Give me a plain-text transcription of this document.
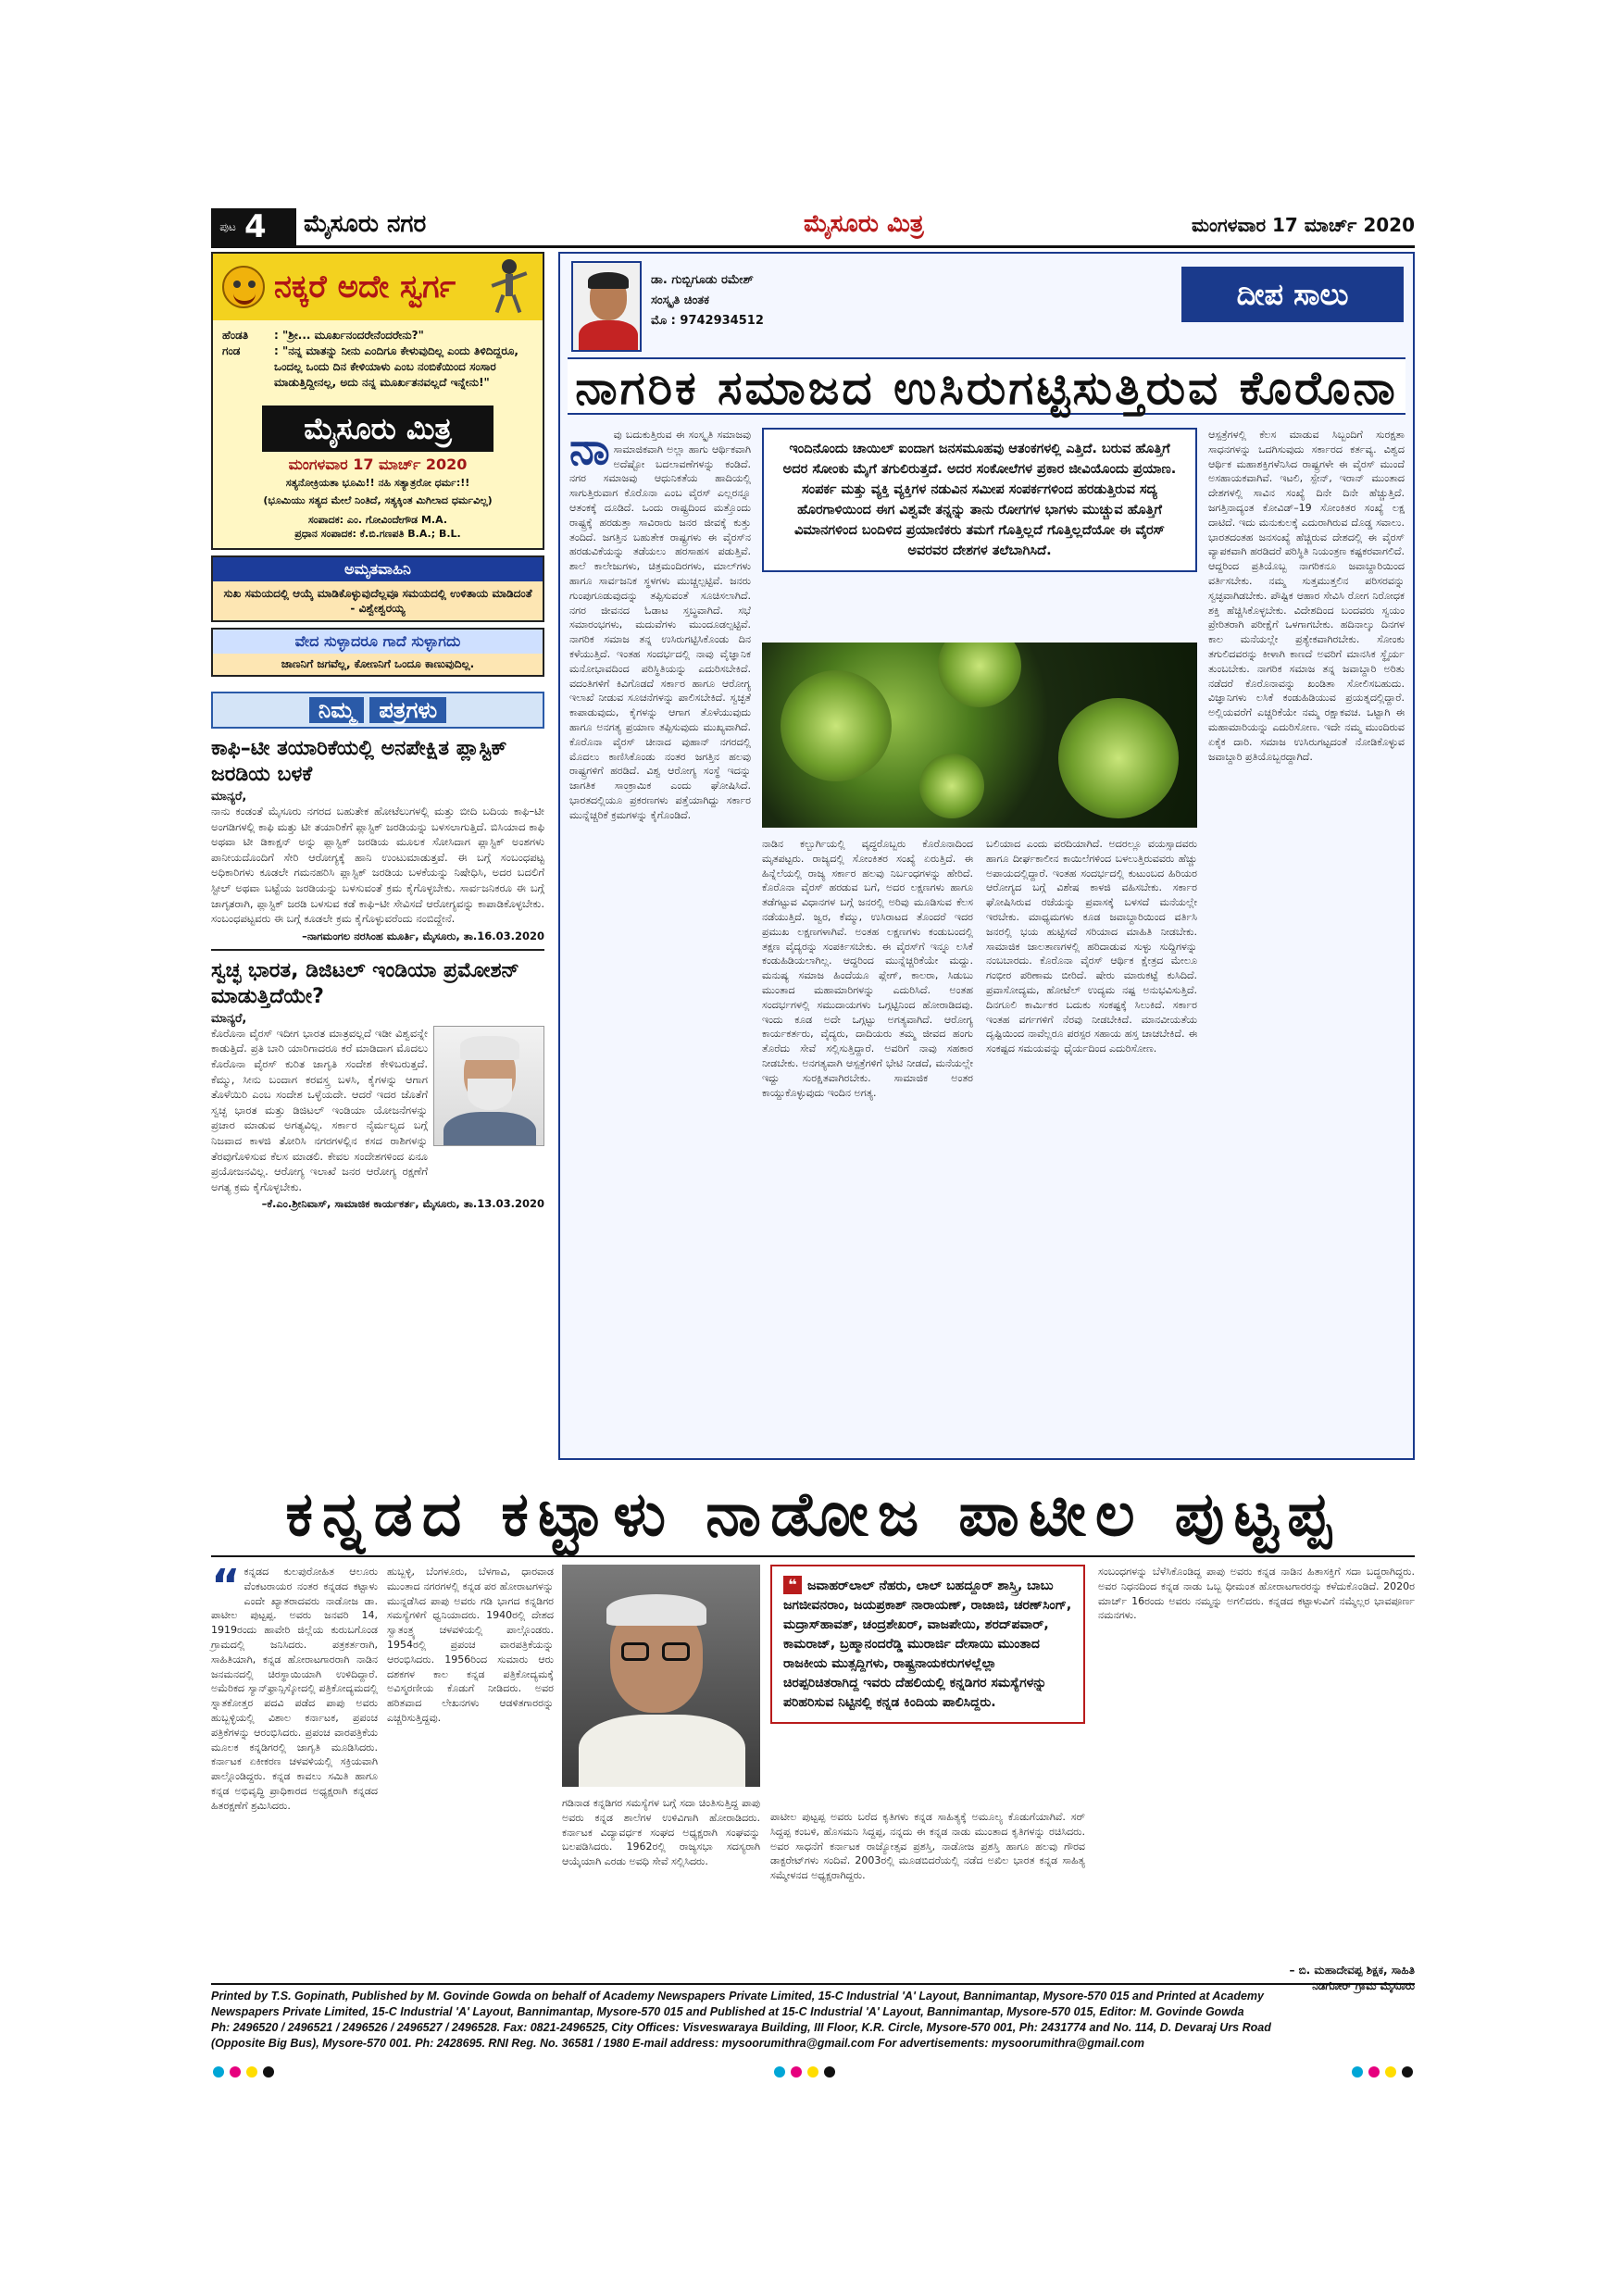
ಪುಟ 4 ಮೈಸೂರು ನಗರ	ಮೈಸೂರು ಮಿತ್ರ	ಮಂಗಳವಾರ 17 ಮಾರ್ಚ್ 2020
ನಕ್ಕರೆ ಅದೇ ಸ್ವರ್ಗ
ಹೆಂಡತಿ	: "ಶ್ರೀ... ಮೂರ್ಖನಂದರೇನೆಂದರೇನು?"
ಗಂಡ	: "ನನ್ನ ಮಾತನ್ನು ನೀನು ಎಂದಿಗೂ ಕೇಳುವುದಿಲ್ಲ ಎಂದು ತಿಳಿದಿದ್ದರೂ, ಒಂದಲ್ಲ ಒಂದು ದಿನ ಕೇಳಿಯಾಳು ಎಂಬ ನಂಬಿಕೆಯಿಂದ ಸಂಸಾರ ಮಾಡುತ್ತಿದ್ದೀನಲ್ಲ, ಅದು ನನ್ನ ಮೂರ್ಖತನವಲ್ಲದೆ ಇನ್ನೇನು!"
ಮೈಸೂರು ಮಿತ್ರ
ಮಂಗಳವಾರ 17 ಮಾರ್ಚ್ 2020
ಸತ್ಯನೋಕ್ರಿಯತಾ ಭೂಮಿ!! ನಹಿ ಸತ್ಯಾತ್ರರೋ ಧರ್ಮ:!!
(ಭೂಮಿಯು ಸತ್ಯದ ಮೇಲೆ ನಿಂತಿದೆ, ಸತ್ಯಕ್ಕಿಂತ ಮಿಗಿಲಾದ ಧರ್ಮವಿಲ್ಲ)
ಸಂಪಾದಕ: ಎಂ. ಗೋವಿಂದೇಗೌಡ M.A.
ಪ್ರಧಾನ ಸಂಪಾದಕ: ಕೆ.ಬಿ.ಗಣಪತಿ B.A.; B.L.
ಅಮೃತವಾಹಿನಿ
ಸುಖ ಸಮಯದಲ್ಲಿ ಆಯ್ಕೆ ಮಾಡಿಕೊಳ್ಳುವುದೆಲ್ಲವೂ ಸಮಯದಲ್ಲಿ ಉಳಿತಾಯ ಮಾಡಿದಂತೆ - ವಿಶ್ವೇಶ್ವರಯ್ಯ
ವೇದ ಸುಳ್ಳಾದರೂ ಗಾದೆ ಸುಳ್ಳಾಗದು
ಜಾಣನಿಗೆ ಜಗವೆಲ್ಲ, ಕೋಣನಿಗೆ ಒಂದೂ ಕಾಣುವುದಿಲ್ಲ.
ನಿಮ್ಮ	ಪತ್ರಗಳು
ಕಾಫಿ–ಟೀ ತಯಾರಿಕೆಯಲ್ಲಿ ಅನಪೇಕ್ಷಿತ ಪ್ಲಾಸ್ಟಿಕ್ ಜರಡಿಯ ಬಳಕೆ
ಮಾನ್ಯರೆ,
ನಾನು ಕಂಡಂತೆ ಮೈಸೂರು ನಗರದ ಬಹುತೇಕ ಹೋಟೆಲುಗಳಲ್ಲಿ ಮತ್ತು ಬೀದಿ ಬದಿಯ ಕಾಫಿ–ಟೀ ಅಂಗಡಿಗಳಲ್ಲಿ ಕಾಫಿ ಮತ್ತು ಟೀ ತಯಾರಿಕೆಗೆ ಪ್ಲಾಸ್ಟಿಕ್ ಜರಡಿಯನ್ನು ಬಳಸಲಾಗುತ್ತಿದೆ. ಬಿಸಿಯಾದ ಕಾಫಿ ಅಥವಾ ಟೀ ಡಿಕಾಕ್ಷನ್ ಅನ್ನು ಪ್ಲಾಸ್ಟಿಕ್ ಜರಡಿಯ ಮೂಲಕ ಸೋಸಿದಾಗ ಪ್ಲಾಸ್ಟಿಕ್ ಅಂಶಗಳು ಪಾನೀಯದೊಂದಿಗೆ ಸೇರಿ ಆರೋಗ್ಯಕ್ಕೆ ಹಾನಿ ಉಂಟುಮಾಡುತ್ತವೆ. ಈ ಬಗ್ಗೆ ಸಂಬಂಧಪಟ್ಟ ಅಧಿಕಾರಿಗಳು ಕೂಡಲೇ ಗಮನಹರಿಸಿ ಪ್ಲಾಸ್ಟಿಕ್ ಜರಡಿಯ ಬಳಕೆಯನ್ನು ನಿಷೇಧಿಸಿ, ಅದರ ಬದಲಿಗೆ ಸ್ಟೀಲ್ ಅಥವಾ ಬಟ್ಟೆಯ ಜರಡಿಯನ್ನು ಬಳಸುವಂತೆ ಕ್ರಮ ಕೈಗೊಳ್ಳಬೇಕು. ಸಾರ್ವಜನಿಕರೂ ಈ ಬಗ್ಗೆ ಜಾಗೃತರಾಗಿ, ಪ್ಲಾಸ್ಟಿಕ್ ಜರಡಿ ಬಳಸುವ ಕಡೆ ಕಾಫಿ–ಟೀ ಸೇವಿಸದೆ ಆರೋಗ್ಯವನ್ನು ಕಾಪಾಡಿಕೊಳ್ಳಬೇಕು. ಸಂಬಂಧಪಟ್ಟವರು ಈ ಬಗ್ಗೆ ಕೂಡಲೇ ಕ್ರಮ ಕೈಗೊಳ್ಳುವರೆಂದು ನಂಬಿದ್ದೇನೆ.
–ನಾಗಮಂಗಲ ನರಸಿಂಹ ಮೂರ್ತಿ, ಮೈಸೂರು, ತಾ.16.03.2020
ಸ್ವಚ್ಛ ಭಾರತ, ಡಿಜಿಟಲ್ ಇಂಡಿಯಾ ಪ್ರಮೋಶನ್ ಮಾಡುತ್ತಿದೆಯೇ?
ಮಾನ್ಯರೆ,
ಕೊರೊನಾ ವೈರಸ್ ಇದೀಗ ಭಾರತ ಮಾತ್ರವಲ್ಲದೆ ಇಡೀ ವಿಶ್ವವನ್ನೇ ಕಾಡುತ್ತಿದೆ. ಪ್ರತಿ ಬಾರಿ ಯಾರಿಗಾದರೂ ಕರೆ ಮಾಡಿದಾಗ ಮೊದಲು ಕೊರೊನಾ ವೈರಸ್ ಕುರಿತ ಜಾಗೃತಿ ಸಂದೇಶ ಕೇಳಿಬರುತ್ತದೆ. ಕೆಮ್ಮು, ಸೀನು ಬಂದಾಗ ಕರವಸ್ತ್ರ ಬಳಸಿ, ಕೈಗಳನ್ನು ಆಗಾಗ ತೊಳೆಯಿರಿ ಎಂಬ ಸಂದೇಶ ಒಳ್ಳೆಯದೇ. ಆದರೆ ಇದರ ಜೊತೆಗೆ ಸ್ವಚ್ಛ ಭಾರತ ಮತ್ತು ಡಿಜಿಟಲ್ ಇಂಡಿಯಾ ಯೋಜನೆಗಳನ್ನು ಪ್ರಚಾರ ಮಾಡುವ ಅಗತ್ಯವಿಲ್ಲ. ಸರ್ಕಾರ ನೈರ್ಮಲ್ಯದ ಬಗ್ಗೆ ನಿಜವಾದ ಕಾಳಜಿ ತೋರಿಸಿ ನಗರಗಳಲ್ಲಿನ ಕಸದ ರಾಶಿಗಳನ್ನು ತೆರವುಗೊಳಿಸುವ ಕೆಲಸ ಮಾಡಲಿ. ಕೇವಲ ಸಂದೇಶಗಳಿಂದ ಏನೂ ಪ್ರಯೋಜನವಿಲ್ಲ. ಆರೋಗ್ಯ ಇಲಾಖೆ ಜನರ ಆರೋಗ್ಯ ರಕ್ಷಣೆಗೆ ಅಗತ್ಯ ಕ್ರಮ ಕೈಗೊಳ್ಳಬೇಕು.
–ಕೆ.ಎಂ.ಶ್ರೀನಿವಾಸ್, ಸಾಮಾಜಿಕ ಕಾರ್ಯಕರ್ತ, ಮೈಸೂರು, ತಾ.13.03.2020
ಡಾ. ಗುಬ್ಬಿಗೂಡು ರಮೇಶ್
ಸಂಸ್ಕೃತಿ ಚಿಂತಕ
ಮೊ : 9742934512
ದೀಪ ಸಾಲು
ನಾಗರಿಕ ಸಮಾಜದ ಉಸಿರುಗಟ್ಟಿಸುತ್ತಿರುವ ಕೊರೊನಾ
ನಾ ವು ಬದುಕುತ್ತಿರುವ ಈ ಸಂಸ್ಕೃತಿ ಸಮಾಜವು ಸಾಮಾಜಿಕವಾಗಿ ಅಲ್ಲಾ ಹಾಗು ಆರ್ಥಿಕವಾಗಿ ಅದೆಷ್ಟೋ ಬದಲಾವಣೆಗಳನ್ನು ಕಂಡಿದೆ. ನಗರ ಸಮಾಜವು ಆಧುನಿಕತೆಯ ಹಾದಿಯಲ್ಲಿ ಸಾಗುತ್ತಿರುವಾಗ ಕೊರೊನಾ ಎಂಬ ವೈರಸ್ ಎಲ್ಲರನ್ನೂ ಆತಂಕಕ್ಕೆ ದೂಡಿದೆ. ಒಂದು ರಾಷ್ಟ್ರದಿಂದ ಮತ್ತೊಂದು ರಾಷ್ಟ್ರಕ್ಕೆ ಹರಡುತ್ತಾ ಸಾವಿರಾರು ಜನರ ಜೀವಕ್ಕೆ ಕುತ್ತು ತಂದಿದೆ. ಜಗತ್ತಿನ ಬಹುತೇಕ ರಾಷ್ಟ್ರಗಳು ಈ ವೈರಸ್‌ನ ಹರಡುವಿಕೆಯನ್ನು ತಡೆಯಲು ಹರಸಾಹಸ ಪಡುತ್ತಿವೆ. ಶಾಲೆ ಕಾಲೇಜುಗಳು, ಚಿತ್ರಮಂದಿರಗಳು, ಮಾಲ್‌ಗಳು ಹಾಗೂ ಸಾರ್ವಜನಿಕ ಸ್ಥಳಗಳು ಮುಚ್ಚಲ್ಪಟ್ಟಿವೆ. ಜನರು ಗುಂಪುಗೂಡುವುದನ್ನು ತಪ್ಪಿಸುವಂತೆ ಸೂಚಿಸಲಾಗಿದೆ. ನಗರ ಜೀವನದ ಓಡಾಟ ಸ್ತಬ್ಧವಾಗಿದೆ. ಸಭೆ ಸಮಾರಂಭಗಳು, ಮದುವೆಗಳು ಮುಂದೂಡಲ್ಪಟ್ಟಿವೆ. ನಾಗರಿಕ ಸಮಾಜ ತನ್ನ ಉಸಿರುಗಟ್ಟಿಸಿಕೊಂಡು ದಿನ ಕಳೆಯುತ್ತಿದೆ. ಇಂತಹ ಸಂದರ್ಭದಲ್ಲಿ ನಾವು ವೈಜ್ಞಾನಿಕ ಮನೋಭಾವದಿಂದ ಪರಿಸ್ಥಿತಿಯನ್ನು ಎದುರಿಸಬೇಕಿದೆ. ವದಂತಿಗಳಿಗೆ ಕಿವಿಗೊಡದೆ ಸರ್ಕಾರ ಹಾಗೂ ಆರೋಗ್ಯ ಇಲಾಖೆ ನೀಡುವ ಸೂಚನೆಗಳನ್ನು ಪಾಲಿಸಬೇಕಿದೆ. ಸ್ವಚ್ಛತೆ ಕಾಪಾಡುವುದು, ಕೈಗಳನ್ನು ಆಗಾಗ ತೊಳೆಯುವುದು ಹಾಗೂ ಅನಗತ್ಯ ಪ್ರಯಾಣ ತಪ್ಪಿಸುವುದು ಮುಖ್ಯವಾಗಿದೆ. ಕೊರೊನಾ ವೈರಸ್ ಚೀನಾದ ವುಹಾನ್ ನಗರದಲ್ಲಿ ಮೊದಲು ಕಾಣಿಸಿಕೊಂಡು ನಂತರ ಜಗತ್ತಿನ ಹಲವು ರಾಷ್ಟ್ರಗಳಿಗೆ ಹರಡಿದೆ. ವಿಶ್ವ ಆರೋಗ್ಯ ಸಂಸ್ಥೆ ಇದನ್ನು ಜಾಗತಿಕ ಸಾಂಕ್ರಾಮಿಕ ಎಂದು ಘೋಷಿಸಿದೆ. ಭಾರತದಲ್ಲಿಯೂ ಪ್ರಕರಣಗಳು ಪತ್ತೆಯಾಗಿದ್ದು ಸರ್ಕಾರ ಮುನ್ನೆಚ್ಚರಿಕೆ ಕ್ರಮಗಳನ್ನು ಕೈಗೊಂಡಿದೆ.
ಇಂದಿನೊಂದು ಚಾಯಿಲ್ ಐಂದಾಗ ಜನಸಮೂಹವು ಆತಂಕಗಳಲ್ಲಿ ಎತ್ತಿದೆ. ಬರುವ ಹೊತ್ತಿಗೆ ಅದರ ಸೋಂಕು ಮೈಗೆ ತಗುಲಿರುತ್ತದೆ. ಅದರ ಸಂಕೋಲೆಗಳ ಪ್ರಕಾರ ಜೀವಿಯೊಂದು ಪ್ರಯಾಣ. ಸಂಪರ್ಕ ಮತ್ತು ವ್ಯಕ್ತಿ ವ್ಯಕ್ತಿಗಳ ನಡುವಿನ ಸಮೀಪ ಸಂಪರ್ಕಗಳಿಂದ ಹರಡುತ್ತಿರುವ ಸದ್ಯ ಹೊರಗಾಳಿಯಿಂದ ಈಗ ವಿಶ್ವವೇ ತನ್ನನ್ನು ತಾನು ರೋಗಗಳ ಭಾಗಳು ಮುಚ್ಚುವ ಹೊತ್ತಿಗೆ ವಿಮಾನಗಳಿಂದ ಬಂದಿಳಿದ ಪ್ರಯಾಣಿಕರು ತಮಗೆ ಗೊತ್ತಿಲ್ಲದೆ ಗೊತ್ತಿಲ್ಲದೆಯೋ ಈ ವೈರಸ್ ಅವರವರ ದೇಶಗಳ ತಲೆಬಾಗಿಸಿದೆ.
ನಾಡಿನ ಕಲ್ಬುರ್ಗಿಯಲ್ಲಿ ವೃದ್ಧರೊಬ್ಬರು ಕೊರೊನಾದಿಂದ ಮೃತಪಟ್ಟರು. ರಾಜ್ಯದಲ್ಲಿ ಸೋಂಕಿತರ ಸಂಖ್ಯೆ ಏರುತ್ತಿದೆ. ಈ ಹಿನ್ನೆಲೆಯಲ್ಲಿ ರಾಜ್ಯ ಸರ್ಕಾರ ಹಲವು ನಿರ್ಬಂಧಗಳನ್ನು ಹೇರಿದೆ. ಕೊರೊನಾ ವೈರಸ್ ಹರಡುವ ಬಗೆ, ಅದರ ಲಕ್ಷಣಗಳು ಹಾಗೂ ತಡೆಗಟ್ಟುವ ವಿಧಾನಗಳ ಬಗ್ಗೆ ಜನರಲ್ಲಿ ಅರಿವು ಮೂಡಿಸುವ ಕೆಲಸ ನಡೆಯುತ್ತಿದೆ. ಜ್ವರ, ಕೆಮ್ಮು, ಉಸಿರಾಟದ ತೊಂದರೆ ಇದರ ಪ್ರಮುಖ ಲಕ್ಷಣಗಳಾಗಿವೆ. ಅಂತಹ ಲಕ್ಷಣಗಳು ಕಂಡುಬಂದಲ್ಲಿ ತಕ್ಷಣ ವೈದ್ಯರನ್ನು ಸಂಪರ್ಕಿಸಬೇಕು. ಈ ವೈರಸ್‌ಗೆ ಇನ್ನೂ ಲಸಿಕೆ ಕಂಡುಹಿಡಿಯಲಾಗಿಲ್ಲ. ಆದ್ದರಿಂದ ಮುನ್ನೆಚ್ಚರಿಕೆಯೇ ಮದ್ದು. ಮನುಷ್ಯ ಸಮಾಜ ಹಿಂದೆಯೂ ಪ್ಲೇಗ್, ಕಾಲರಾ, ಸಿಡುಬು ಮುಂತಾದ ಮಹಾಮಾರಿಗಳನ್ನು ಎದುರಿಸಿದೆ. ಅಂತಹ ಸಂದರ್ಭಗಳಲ್ಲಿ ಸಮುದಾಯಗಳು ಒಗ್ಗಟ್ಟಿನಿಂದ ಹೋರಾಡಿದವು. ಇಂದು ಕೂಡ ಅದೇ ಒಗ್ಗಟ್ಟು ಅಗತ್ಯವಾಗಿದೆ. ಆರೋಗ್ಯ ಕಾರ್ಯಕರ್ತರು, ವೈದ್ಯರು, ದಾದಿಯರು ತಮ್ಮ ಜೀವದ ಹಂಗು ತೊರೆದು ಸೇವೆ ಸಲ್ಲಿಸುತ್ತಿದ್ದಾರೆ. ಅವರಿಗೆ ನಾವು ಸಹಕಾರ ನೀಡಬೇಕು. ಅನಗತ್ಯವಾಗಿ ಆಸ್ಪತ್ರೆಗಳಿಗೆ ಭೇಟಿ ನೀಡದೆ, ಮನೆಯಲ್ಲೇ ಇದ್ದು ಸುರಕ್ಷಿತವಾಗಿರಬೇಕು. ಸಾಮಾಜಿಕ ಅಂತರ ಕಾಯ್ದುಕೊಳ್ಳುವುದು ಇಂದಿನ ಅಗತ್ಯ.
ಬಲಿಯಾದ ಎಂದು ವರದಿಯಾಗಿದೆ. ಅದರಲ್ಲೂ ವಯಸ್ಸಾದವರು ಹಾಗೂ ದೀರ್ಘಕಾಲೀನ ಕಾಯಿಲೆಗಳಿಂದ ಬಳಲುತ್ತಿರುವವರು ಹೆಚ್ಚು ಅಪಾಯದಲ್ಲಿದ್ದಾರೆ. ಇಂತಹ ಸಂದರ್ಭದಲ್ಲಿ ಕುಟುಂಬದ ಹಿರಿಯರ ಆರೋಗ್ಯದ ಬಗ್ಗೆ ವಿಶೇಷ ಕಾಳಜಿ ವಹಿಸಬೇಕು. ಸರ್ಕಾರ ಘೋಷಿಸಿರುವ ರಜೆಯನ್ನು ಪ್ರವಾಸಕ್ಕೆ ಬಳಸದೆ ಮನೆಯಲ್ಲೇ ಇರಬೇಕು. ಮಾಧ್ಯಮಗಳು ಕೂಡ ಜವಾಬ್ದಾರಿಯಿಂದ ವರ್ತಿಸಿ ಜನರಲ್ಲಿ ಭಯ ಹುಟ್ಟಿಸದೆ ಸರಿಯಾದ ಮಾಹಿತಿ ನೀಡಬೇಕು. ಸಾಮಾಜಿಕ ಜಾಲತಾಣಗಳಲ್ಲಿ ಹರಿದಾಡುವ ಸುಳ್ಳು ಸುದ್ದಿಗಳನ್ನು ನಂಬಬಾರದು. ಕೊರೊನಾ ವೈರಸ್ ಆರ್ಥಿಕ ಕ್ಷೇತ್ರದ ಮೇಲೂ ಗಂಭೀರ ಪರಿಣಾಮ ಬೀರಿದೆ. ಷೇರು ಮಾರುಕಟ್ಟೆ ಕುಸಿದಿದೆ. ಪ್ರವಾಸೋದ್ಯಮ, ಹೋಟೆಲ್ ಉದ್ಯಮ ನಷ್ಟ ಅನುಭವಿಸುತ್ತಿದೆ. ದಿನಗೂಲಿ ಕಾರ್ಮಿಕರ ಬದುಕು ಸಂಕಷ್ಟಕ್ಕೆ ಸಿಲುಕಿದೆ. ಸರ್ಕಾರ ಇಂತಹ ವರ್ಗಗಳಿಗೆ ನೆರವು ನೀಡಬೇಕಿದೆ. ಮಾನವೀಯತೆಯ ದೃಷ್ಟಿಯಿಂದ ನಾವೆಲ್ಲರೂ ಪರಸ್ಪರ ಸಹಾಯ ಹಸ್ತ ಚಾಚಬೇಕಿದೆ. ಈ ಸಂಕಷ್ಟದ ಸಮಯವನ್ನು ಧೈರ್ಯದಿಂದ ಎದುರಿಸೋಣ.
ಆಸ್ಪತ್ರೆಗಳಲ್ಲಿ ಕೆಲಸ ಮಾಡುವ ಸಿಬ್ಬಂದಿಗೆ ಸುರಕ್ಷತಾ ಸಾಧನಗಳನ್ನು ಒದಗಿಸುವುದು ಸರ್ಕಾರದ ಕರ್ತವ್ಯ. ವಿಶ್ವದ ಆರ್ಥಿಕ ಮಹಾಶಕ್ತಿಗಳೆನಿಸಿದ ರಾಷ್ಟ್ರಗಳೇ ಈ ವೈರಸ್ ಮುಂದೆ ಅಸಹಾಯಕವಾಗಿವೆ. ಇಟಲಿ, ಸ್ಪೇನ್, ಇರಾನ್ ಮುಂತಾದ ದೇಶಗಳಲ್ಲಿ ಸಾವಿನ ಸಂಖ್ಯೆ ದಿನೇ ದಿನೇ ಹೆಚ್ಚುತ್ತಿದೆ. ಜಗತ್ತಿನಾದ್ಯಂತ ಕೋವಿಡ್–19 ಸೋಂಕಿತರ ಸಂಖ್ಯೆ ಲಕ್ಷ ದಾಟಿದೆ. ಇದು ಮನುಕುಲಕ್ಕೆ ಎದುರಾಗಿರುವ ದೊಡ್ಡ ಸವಾಲು. ಭಾರತದಂತಹ ಜನಸಂಖ್ಯೆ ಹೆಚ್ಚಿರುವ ದೇಶದಲ್ಲಿ ಈ ವೈರಸ್ ವ್ಯಾಪಕವಾಗಿ ಹರಡಿದರೆ ಪರಿಸ್ಥಿತಿ ನಿಯಂತ್ರಣ ಕಷ್ಟಕರವಾಗಲಿದೆ. ಆದ್ದರಿಂದ ಪ್ರತಿಯೊಬ್ಬ ನಾಗರಿಕನೂ ಜವಾಬ್ದಾರಿಯಿಂದ ವರ್ತಿಸಬೇಕು. ನಮ್ಮ ಸುತ್ತಮುತ್ತಲಿನ ಪರಿಸರವನ್ನು ಸ್ವಚ್ಛವಾಗಿಡಬೇಕು. ಪೌಷ್ಟಿಕ ಆಹಾರ ಸೇವಿಸಿ ರೋಗ ನಿರೋಧಕ ಶಕ್ತಿ ಹೆಚ್ಚಿಸಿಕೊಳ್ಳಬೇಕು. ವಿದೇಶದಿಂದ ಬಂದವರು ಸ್ವಯಂ ಪ್ರೇರಿತರಾಗಿ ಪರೀಕ್ಷೆಗೆ ಒಳಗಾಗಬೇಕು. ಹದಿನಾಲ್ಕು ದಿನಗಳ ಕಾಲ ಮನೆಯಲ್ಲೇ ಪ್ರತ್ಯೇಕವಾಗಿರಬೇಕು. ಸೋಂಕು ತಗುಲಿದವರನ್ನು ಕೀಳಾಗಿ ಕಾಣದೆ ಅವರಿಗೆ ಮಾನಸಿಕ ಸ್ಥೈರ್ಯ ತುಂಬಬೇಕು. ನಾಗರಿಕ ಸಮಾಜ ತನ್ನ ಜವಾಬ್ದಾರಿ ಅರಿತು ನಡೆದರೆ ಕೊರೊನಾವನ್ನು ಖಂಡಿತಾ ಸೋಲಿಸಬಹುದು. ವಿಜ್ಞಾನಿಗಳು ಲಸಿಕೆ ಕಂಡುಹಿಡಿಯುವ ಪ್ರಯತ್ನದಲ್ಲಿದ್ದಾರೆ. ಅಲ್ಲಿಯವರೆಗೆ ಎಚ್ಚರಿಕೆಯೇ ನಮ್ಮ ರಕ್ಷಾಕವಚ. ಒಟ್ಟಾಗಿ ಈ ಮಹಾಮಾರಿಯನ್ನು ಎದುರಿಸೋಣ. ಇದೇ ನಮ್ಮ ಮುಂದಿರುವ ಏಕೈಕ ದಾರಿ. ಸಮಾಜ ಉಸಿರುಗಟ್ಟದಂತೆ ನೋಡಿಕೊಳ್ಳುವ ಜವಾಬ್ದಾರಿ ಪ್ರತಿಯೊಬ್ಬರದ್ದಾಗಿದೆ.
ಕನ್ನಡದ ಕಟ್ಟಾಳು ನಾಡೋಜ ಪಾಟೀಲ ಪುಟ್ಟಪ್ಪ
“ ಕನ್ನಡದ ಕುಲಪುರೋಹಿತ ಆಲೂರು ವೆಂಕಟರಾಯರ ನಂತರ ಕನ್ನಡದ ಕಟ್ಟಾಳು ಎಂದೇ ಖ್ಯಾತರಾದವರು ನಾಡೋಜ ಡಾ. ಪಾಟೀಲ ಪುಟ್ಟಪ್ಪ. ಅವರು ಜನವರಿ 14, 1919ರಂದು ಹಾವೇರಿ ಜಿಲ್ಲೆಯ ಕುರುಬಗೊಂಡ ಗ್ರಾಮದಲ್ಲಿ ಜನಿಸಿದರು. ಪತ್ರಕರ್ತರಾಗಿ, ಸಾಹಿತಿಯಾಗಿ, ಕನ್ನಡ ಹೋರಾಟಗಾರರಾಗಿ ನಾಡಿನ ಜನಮನದಲ್ಲಿ ಚಿರಸ್ಥಾಯಿಯಾಗಿ ಉಳಿದಿದ್ದಾರೆ. ಅಮೆರಿಕದ ಸ್ಯಾನ್‌ಫ್ರಾನ್ಸಿಸ್ಕೋದಲ್ಲಿ ಪತ್ರಿಕೋದ್ಯಮದಲ್ಲಿ ಸ್ನಾತಕೋತ್ತರ ಪದವಿ ಪಡೆದ ಪಾಪು ಅವರು ಹುಬ್ಬಳ್ಳಿಯಲ್ಲಿ ವಿಶಾಲ ಕರ್ನಾಟಕ, ಪ್ರಪಂಚ ಪತ್ರಿಕೆಗಳನ್ನು ಆರಂಭಿಸಿದರು. ಪ್ರಪಂಚ ವಾರಪತ್ರಿಕೆಯ ಮೂಲಕ ಕನ್ನಡಿಗರಲ್ಲಿ ಜಾಗೃತಿ ಮೂಡಿಸಿದರು. ಕರ್ನಾಟಕ ಏಕೀಕರಣ ಚಳವಳಿಯಲ್ಲಿ ಸಕ್ರಿಯವಾಗಿ ಪಾಲ್ಗೊಂಡಿದ್ದರು. ಕನ್ನಡ ಕಾವಲು ಸಮಿತಿ ಹಾಗೂ ಕನ್ನಡ ಅಭಿವೃದ್ಧಿ ಪ್ರಾಧಿಕಾರದ ಅಧ್ಯಕ್ಷರಾಗಿ ಕನ್ನಡದ ಹಿತರಕ್ಷಣೆಗೆ ಶ್ರಮಿಸಿದರು.
ಹುಬ್ಬಳ್ಳಿ, ಬೆಂಗಳೂರು, ಬೆಳಗಾವಿ, ಧಾರವಾಡ ಮುಂತಾದ ನಗರಗಳಲ್ಲಿ ಕನ್ನಡ ಪರ ಹೋರಾಟಗಳನ್ನು ಮುನ್ನಡೆಸಿದ ಪಾಪು ಅವರು ಗಡಿ ಭಾಗದ ಕನ್ನಡಿಗರ ಸಮಸ್ಯೆಗಳಿಗೆ ಧ್ವನಿಯಾದರು. 1940ರಲ್ಲಿ ದೇಶದ ಸ್ವಾತಂತ್ರ್ಯ ಚಳವಳಿಯಲ್ಲಿ ಪಾಲ್ಗೊಂಡರು. 1954ರಲ್ಲಿ ಪ್ರಪಂಚ ವಾರಪತ್ರಿಕೆಯನ್ನು ಆರಂಭಿಸಿದರು. 1956ರಿಂದ ಸುಮಾರು ಆರು ದಶಕಗಳ ಕಾಲ ಕನ್ನಡ ಪತ್ರಿಕೋದ್ಯಮಕ್ಕೆ ಅವಿಸ್ಮರಣೀಯ ಕೊಡುಗೆ ನೀಡಿದರು. ಅವರ ಹರಿತವಾದ ಲೇಖನಗಳು ಆಡಳಿತಗಾರರನ್ನು ಎಚ್ಚರಿಸುತ್ತಿದ್ದವು.
ಗಡಿನಾಡ ಕನ್ನಡಿಗರ ಸಮಸ್ಯೆಗಳ ಬಗ್ಗೆ ಸದಾ ಚಿಂತಿಸುತ್ತಿದ್ದ ಪಾಪು ಅವರು ಕನ್ನಡ ಶಾಲೆಗಳ ಉಳಿವಿಗಾಗಿ ಹೋರಾಡಿದರು. ಕರ್ನಾಟಕ ವಿದ್ಯಾವರ್ಧಕ ಸಂಘದ ಅಧ್ಯಕ್ಷರಾಗಿ ಸಂಘವನ್ನು ಬಲಪಡಿಸಿದರು. 1962ರಲ್ಲಿ ರಾಜ್ಯಸಭಾ ಸದಸ್ಯರಾಗಿ ಆಯ್ಕೆಯಾಗಿ ಎರಡು ಅವಧಿ ಸೇವೆ ಸಲ್ಲಿಸಿದರು.
❝ ಜವಾಹರ್‌ಲಾಲ್ ನೆಹರು, ಲಾಲ್ ಬಹದ್ದೂರ್ ಶಾಸ್ತ್ರಿ, ಬಾಬು ಜಗಜೀವನರಾಂ, ಜಯಪ್ರಕಾಶ್ ನಾರಾಯಣ್, ರಾಜಾಜಿ, ಚರಣ್‌ಸಿಂಗ್, ಮದ್ರಾಸ್‌ಹಾವತ್, ಚಂದ್ರಶೇಖರ್, ವಾಜಪೇಯಿ, ಶರದ್‌ಪವಾರ್, ಕಾಮರಾಜ್, ಬ್ರಹ್ಮಾನಂದರೆಡ್ಡಿ ಮುರಾರ್ಜಿ ದೇಸಾಯಿ ಮುಂತಾದ ರಾಜಕೀಯ ಮುತ್ಸದ್ದಿಗಳು, ರಾಷ್ಟ್ರನಾಯಕರುಗಳಲ್ಲೆಲ್ಲಾ ಚಿರಪ್ಪರಿಚಿತರಾಗಿದ್ದ ಇವರು ದೆಹಲಿಯಲ್ಲಿ ಕನ್ನಡಿಗರ ಸಮಸ್ಯೆಗಳನ್ನು ಪರಿಹರಿಸುವ ನಿಟ್ಟಿನಲ್ಲಿ ಕನ್ನಡ ಕಿಂದಿಯ ಪಾಲಿಸಿದ್ದರು.
ಪಾಟೀಲ ಪುಟ್ಟಪ್ಪ ಅವರು ಬರೆದ ಕೃತಿಗಳು ಕನ್ನಡ ಸಾಹಿತ್ಯಕ್ಕೆ ಅಮೂಲ್ಯ ಕೊಡುಗೆಯಾಗಿವೆ. ಸರ್ ಸಿದ್ದಪ್ಪ ಕಂಬಳಿ, ಹೊಸಮನಿ ಸಿದ್ದಪ್ಪ, ನನ್ನದು ಈ ಕನ್ನಡ ನಾಡು ಮುಂತಾದ ಕೃತಿಗಳನ್ನು ರಚಿಸಿದರು. ಅವರ ಸಾಧನೆಗೆ ಕರ್ನಾಟಕ ರಾಜ್ಯೋತ್ಸವ ಪ್ರಶಸ್ತಿ, ನಾಡೋಜ ಪ್ರಶಸ್ತಿ ಹಾಗೂ ಹಲವು ಗೌರವ ಡಾಕ್ಟರೇಟ್‌ಗಳು ಸಂದಿವೆ. 2003ರಲ್ಲಿ ಮೂಡಬಿದರೆಯಲ್ಲಿ ನಡೆದ ಅಖಿಲ ಭಾರತ ಕನ್ನಡ ಸಾಹಿತ್ಯ ಸಮ್ಮೇಳನದ ಅಧ್ಯಕ್ಷರಾಗಿದ್ದರು.
ಸಂಬಂಧಗಳನ್ನು ಬೆಳೆಸಿಕೊಂಡಿದ್ದ ಪಾಪು ಅವರು ಕನ್ನಡ ನಾಡಿನ ಹಿತಾಸಕ್ತಿಗೆ ಸದಾ ಬದ್ಧರಾಗಿದ್ದರು. ಅವರ ನಿಧನದಿಂದ ಕನ್ನಡ ನಾಡು ಒಬ್ಬ ಧೀಮಂತ ಹೋರಾಟಗಾರರನ್ನು ಕಳೆದುಕೊಂಡಿದೆ. 2020ರ ಮಾರ್ಚ್ 16ರಂದು ಅವರು ನಮ್ಮನ್ನು ಅಗಲಿದರು. ಕನ್ನಡದ ಕಟ್ಟಾಳುವಿಗೆ ನಮ್ಮೆಲ್ಲರ ಭಾವಪೂರ್ಣ ನಮನಗಳು.
– ಬಿ. ಮಹಾದೇವಪ್ಪ ಶಿಕ್ಷಕ, ಸಾಹಿತಿ ನಿಡಿಗೋರ್‌ ಗ್ರಾಮ ಮೈಸೂರು
Printed by T.S. Gopinath, Published by M. Govinde Gowda on behalf of Academy Newspapers Private Limited, 15-C Industrial 'A' Layout, Bannimantap, Mysore-570 015 and Printed at Academy
Newspapers Private Limited, 15-C Industrial 'A' Layout, Bannimantap, Mysore-570 015 and Published at 15-C Industrial 'A' Layout, Bannimantap, Mysore-570 015, Editor: M. Govinde Gowda
Ph: 2496520 / 2496521 / 2496526 / 2496527 / 2496528. Fax: 0821-2496525, City Offices: Visveswaraya Building, III Floor, K.R. Circle, Mysore-570 001, Ph: 2431774 and No. 114, D. Devaraj Urs Road
(Opposite Big Bus), Mysore-570 001. Ph: 2428695. RNI Reg. No. 36581 / 1980 E-mail address: mysoorumithra@gmail.com For advertisements: mysoorumithra@gmail.com
